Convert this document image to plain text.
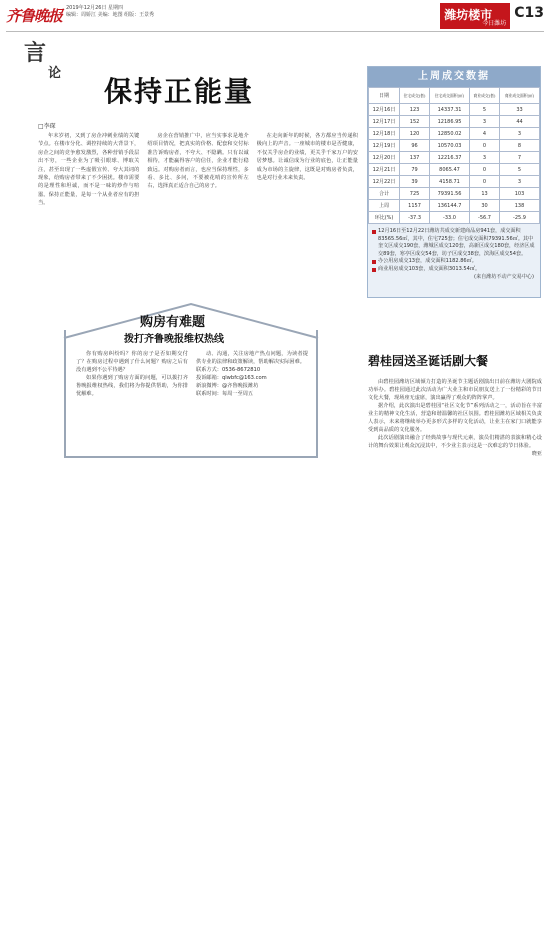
齐鲁晚报 2019年12月26日 星期四
编辑：周娇江 美编：地图 组版：王景秀	潍坊楼市
今日潍坊
C13
言
论
保持正能量
□李琛
年末岁初，又到了房企冲刺业绩的关键节点。在楼市分化、调控持续的大背景下，房企之间的竞争愈发激烈，各种营销手段层出不穷，一些企业为了吸引眼球、博取关注，甚至出现了一些虚假宣传、夸大其词的现象，给购房者带来了不少困扰。楼市需要的是理性和坦诚，而不是一味的炒作与喧嚣。保持正能量，是每一个从业者应有的担当。
房企在营销推广中，应当实事求是地介绍项目情况，把真实的价格、配套和交付标准告诉购房者，不夸大、不隐瞒。只有以诚相待，才能赢得客户的信任，企业才能行稳致远。对购房者而言，也应当保持理性，多看、多比、多问，不要被花哨的宣传所左右，选择真正适合自己的房子。
在走向新年的时候，各方都应当传递积极向上的声音。一座城市的楼市是否健康，不仅关乎房企的业绩，更关乎千家万户的安居梦想。让诚信成为行业的底色，让正能量成为市场的主旋律，这既是对购房者负责，也是对行业未来负责。
上周成交数据
日期	住宅成交(套)	住宅成交面积(㎡)	商业成交(套)	商业成交面积(㎡)
12月16日	123	14337.31	5	33
12月17日	152	12186.95	3	44
12月18日	120	12850.02	4	3
12月19日	96	10570.03	0	8
12月20日	137	12216.37	3	7
12月21日	79	8065.47	0	5
12月22日	39	4158.71	0	3
合计	725	79391.56	13	103
上周	1157	136144.7	30	138
环比(%)	-37.3	-33.0	-56.7	-25.9
12月16日至12月22日潍坊共成交新建商品房941套，成交面积83565.56㎡，其中，住宅725套；住宅成交面积79391.56㎡。其中奎文区成交190套，潍城区成交120套，高新区成交180套，经济区成交89套，寒亭区成交54套，坊子区成交38套，滨海区成交54套。
办公用房成交13套，成交面积1182.86㎡。
商业用房成交103套，成交面积3013.54㎡。
(来自潍坊不动产交易中心)
购房有难题
拨打齐鲁晚报维权热线

你有购房纠纷吗？你的房子是否如期交付了？在购房过程中遇到了什么问题？购房之后有没有遇到不公平待遇？

如果你遇到了购房方面的问题，可以拨打齐鲁晚报维权热线，我们将为你提供帮助，为你排忧解难。

动、沟通，关注房地产热点问题，为读者提供专业的法律和政策解读，帮助解决实际困难。

联系方式：0536-8672810
投诉邮箱：qlwbfc@163.com
新浪微博：@齐鲁晚报潍坊
联系时间：每周一至周五
碧桂园送圣诞话剧大餐

由碧桂园潍坊区域倾力打造的圣诞节主题话剧演出日前在潍坊大剧院成功举办。碧桂园通过此次活动为广大业主和市民朋友送上了一份精彩的节日文化大餐，现场座无虚席，演出赢得了观众的阵阵掌声。

据介绍，此次演出是碧桂园“社区文化节”系列活动之一，活动旨在丰富业主的精神文化生活，营造和谐温馨的社区氛围。碧桂园潍坊区域相关负责人表示，未来将继续举办更多形式多样的文化活动，让业主在家门口就能享受到高品质的文化服务。

此次话剧演出融合了经典故事与现代元素，演员们精湛的表演和精心设计的舞台效果让观众沉浸其中，不少业主表示这是一次难忘的节日体验。

晓亚
